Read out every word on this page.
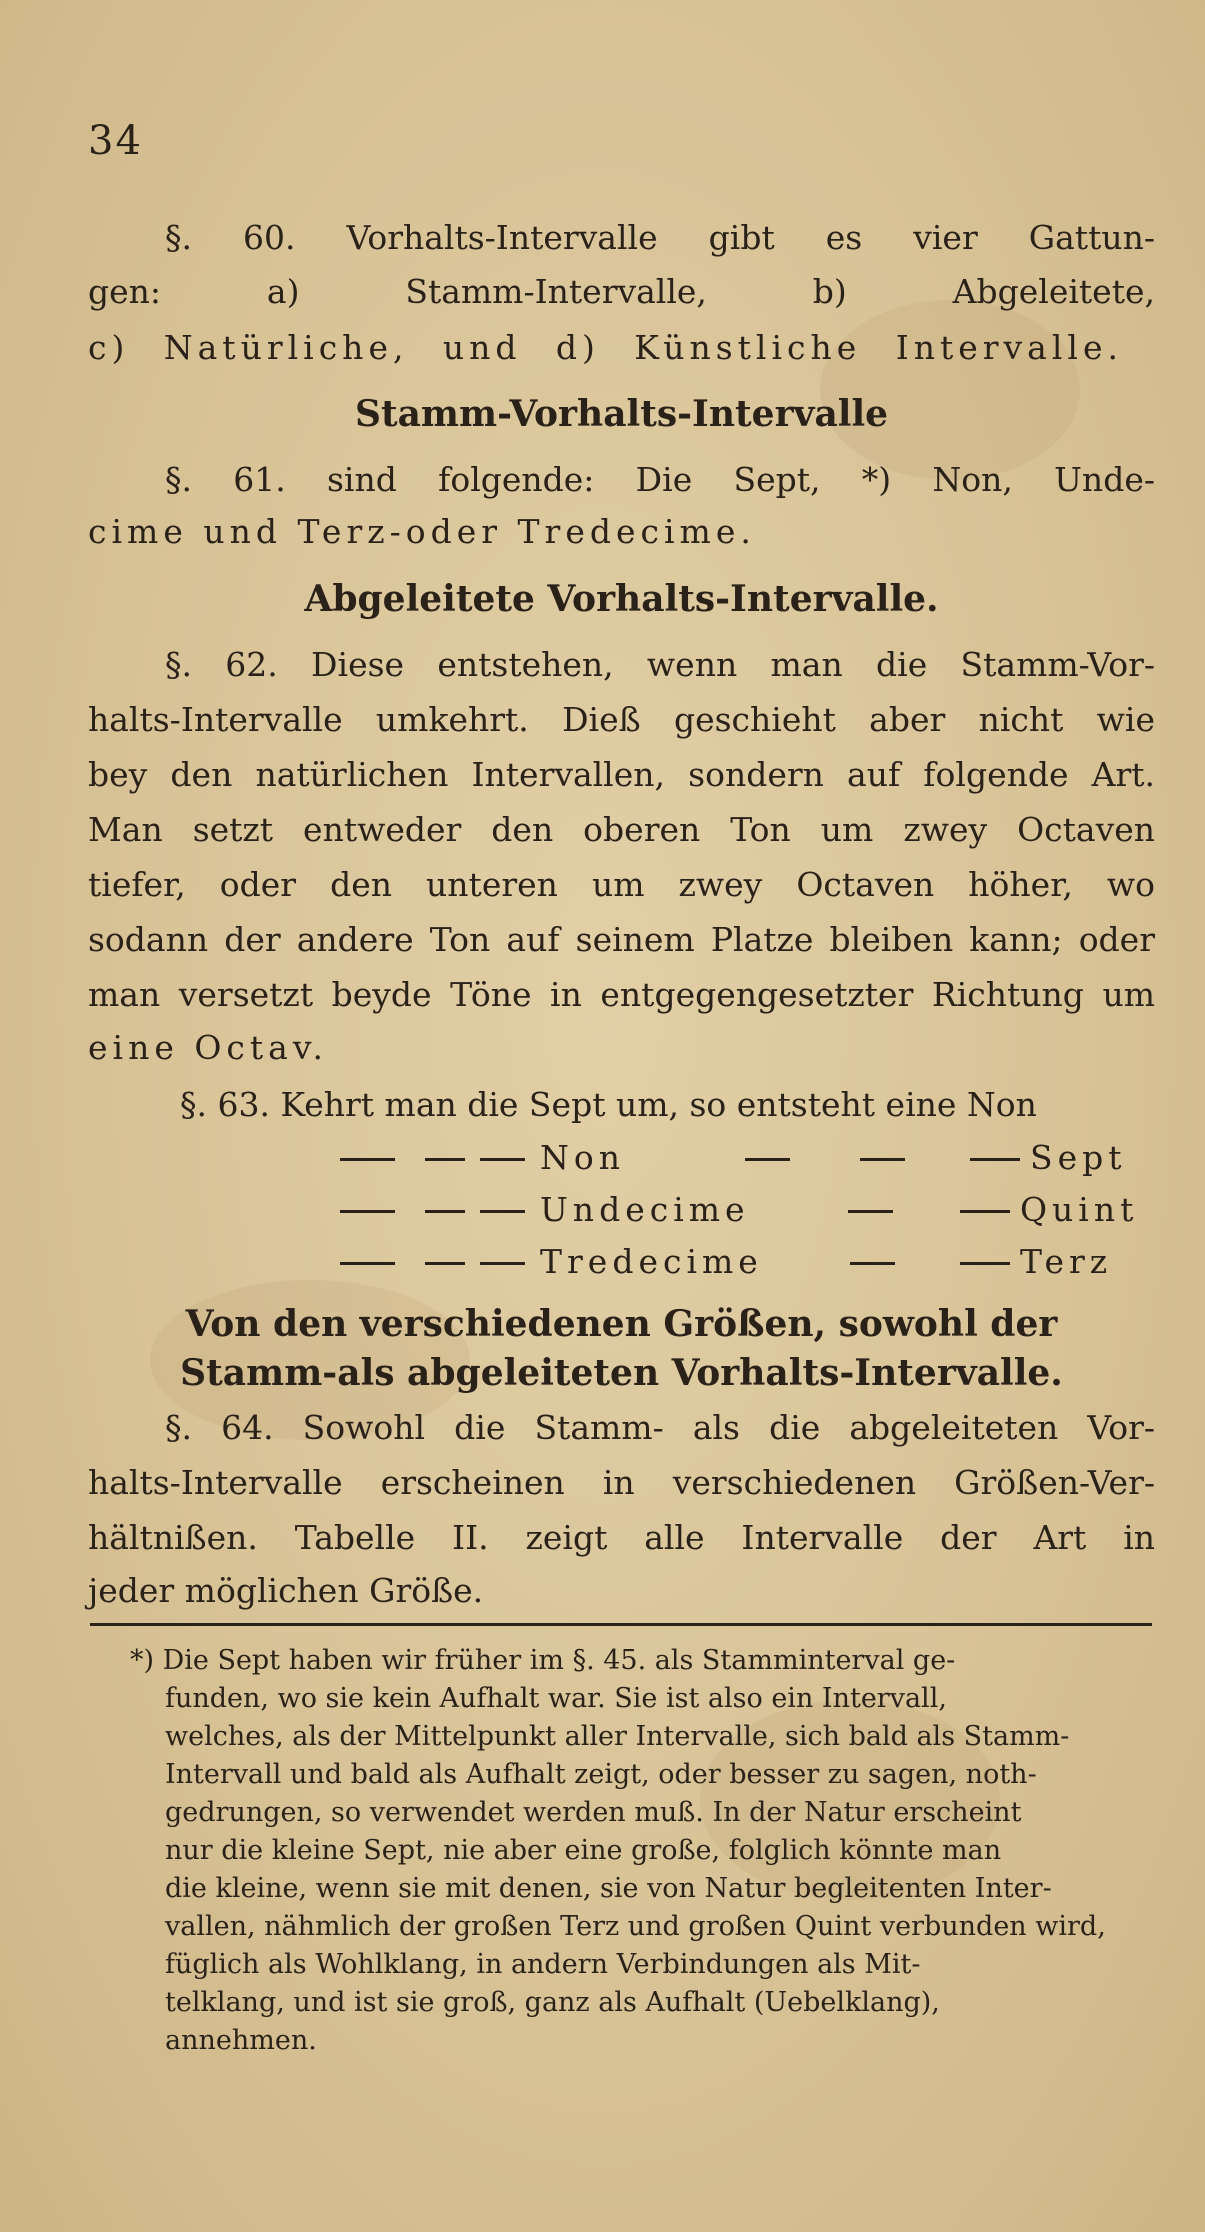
34
§. 60. Vorhalts-Intervalle gibt es vier Gattun-
gen: a) Stamm-Intervalle, b) Abgeleitete,
c) Natürliche, und d) Künstliche Intervalle.
Stamm-Vorhalts-Intervalle
§. 61. sind folgende: Die Sept, *) Non, Unde-
cime und Terz-oder Tredecime.
Abgeleitete Vorhalts-Intervalle.
§. 62. Diese entstehen, wenn man die Stamm-Vor-
halts-Intervalle umkehrt. Dieß geschieht aber nicht wie
bey den natürlichen Intervallen, sondern auf folgende Art.
Man setzt entweder den oberen Ton um zwey Octaven
tiefer, oder den unteren um zwey Octaven höher, wo
sodann der andere Ton auf seinem Platze bleiben kann; oder
man versetzt beyde Töne in entgegengesetzter Richtung um
eine Octav.
§. 63. Kehrt man die Sept um, so entsteht eine Non
Non	Sept
Undecime	Quint
Tredecime	Terz
Von den verschiedenen Größen, sowohl der
Stamm-als abgeleiteten Vorhalts-Intervalle.
§. 64. Sowohl die Stamm- als die abgeleiteten Vor-
halts-Intervalle erscheinen in verschiedenen Größen-Ver-
hältnißen. Tabelle II. zeigt alle Intervalle der Art in
jeder möglichen Größe.
*) Die Sept haben wir früher im §. 45. als Stamminterval ge-
funden, wo sie kein Aufhalt war. Sie ist also ein Intervall,
welches, als der Mittelpunkt aller Intervalle, sich bald als Stamm-
Intervall und bald als Aufhalt zeigt, oder besser zu sagen, noth-
gedrungen, so verwendet werden muß. In der Natur erscheint
nur die kleine Sept, nie aber eine große, folglich könnte man
die kleine, wenn sie mit denen, sie von Natur begleitenten Inter-
vallen, nähmlich der großen Terz und großen Quint verbunden wird,
füglich als Wohlklang, in andern Verbindungen als Mit-
telklang, und ist sie groß, ganz als Aufhalt (Uebelklang),
annehmen.
